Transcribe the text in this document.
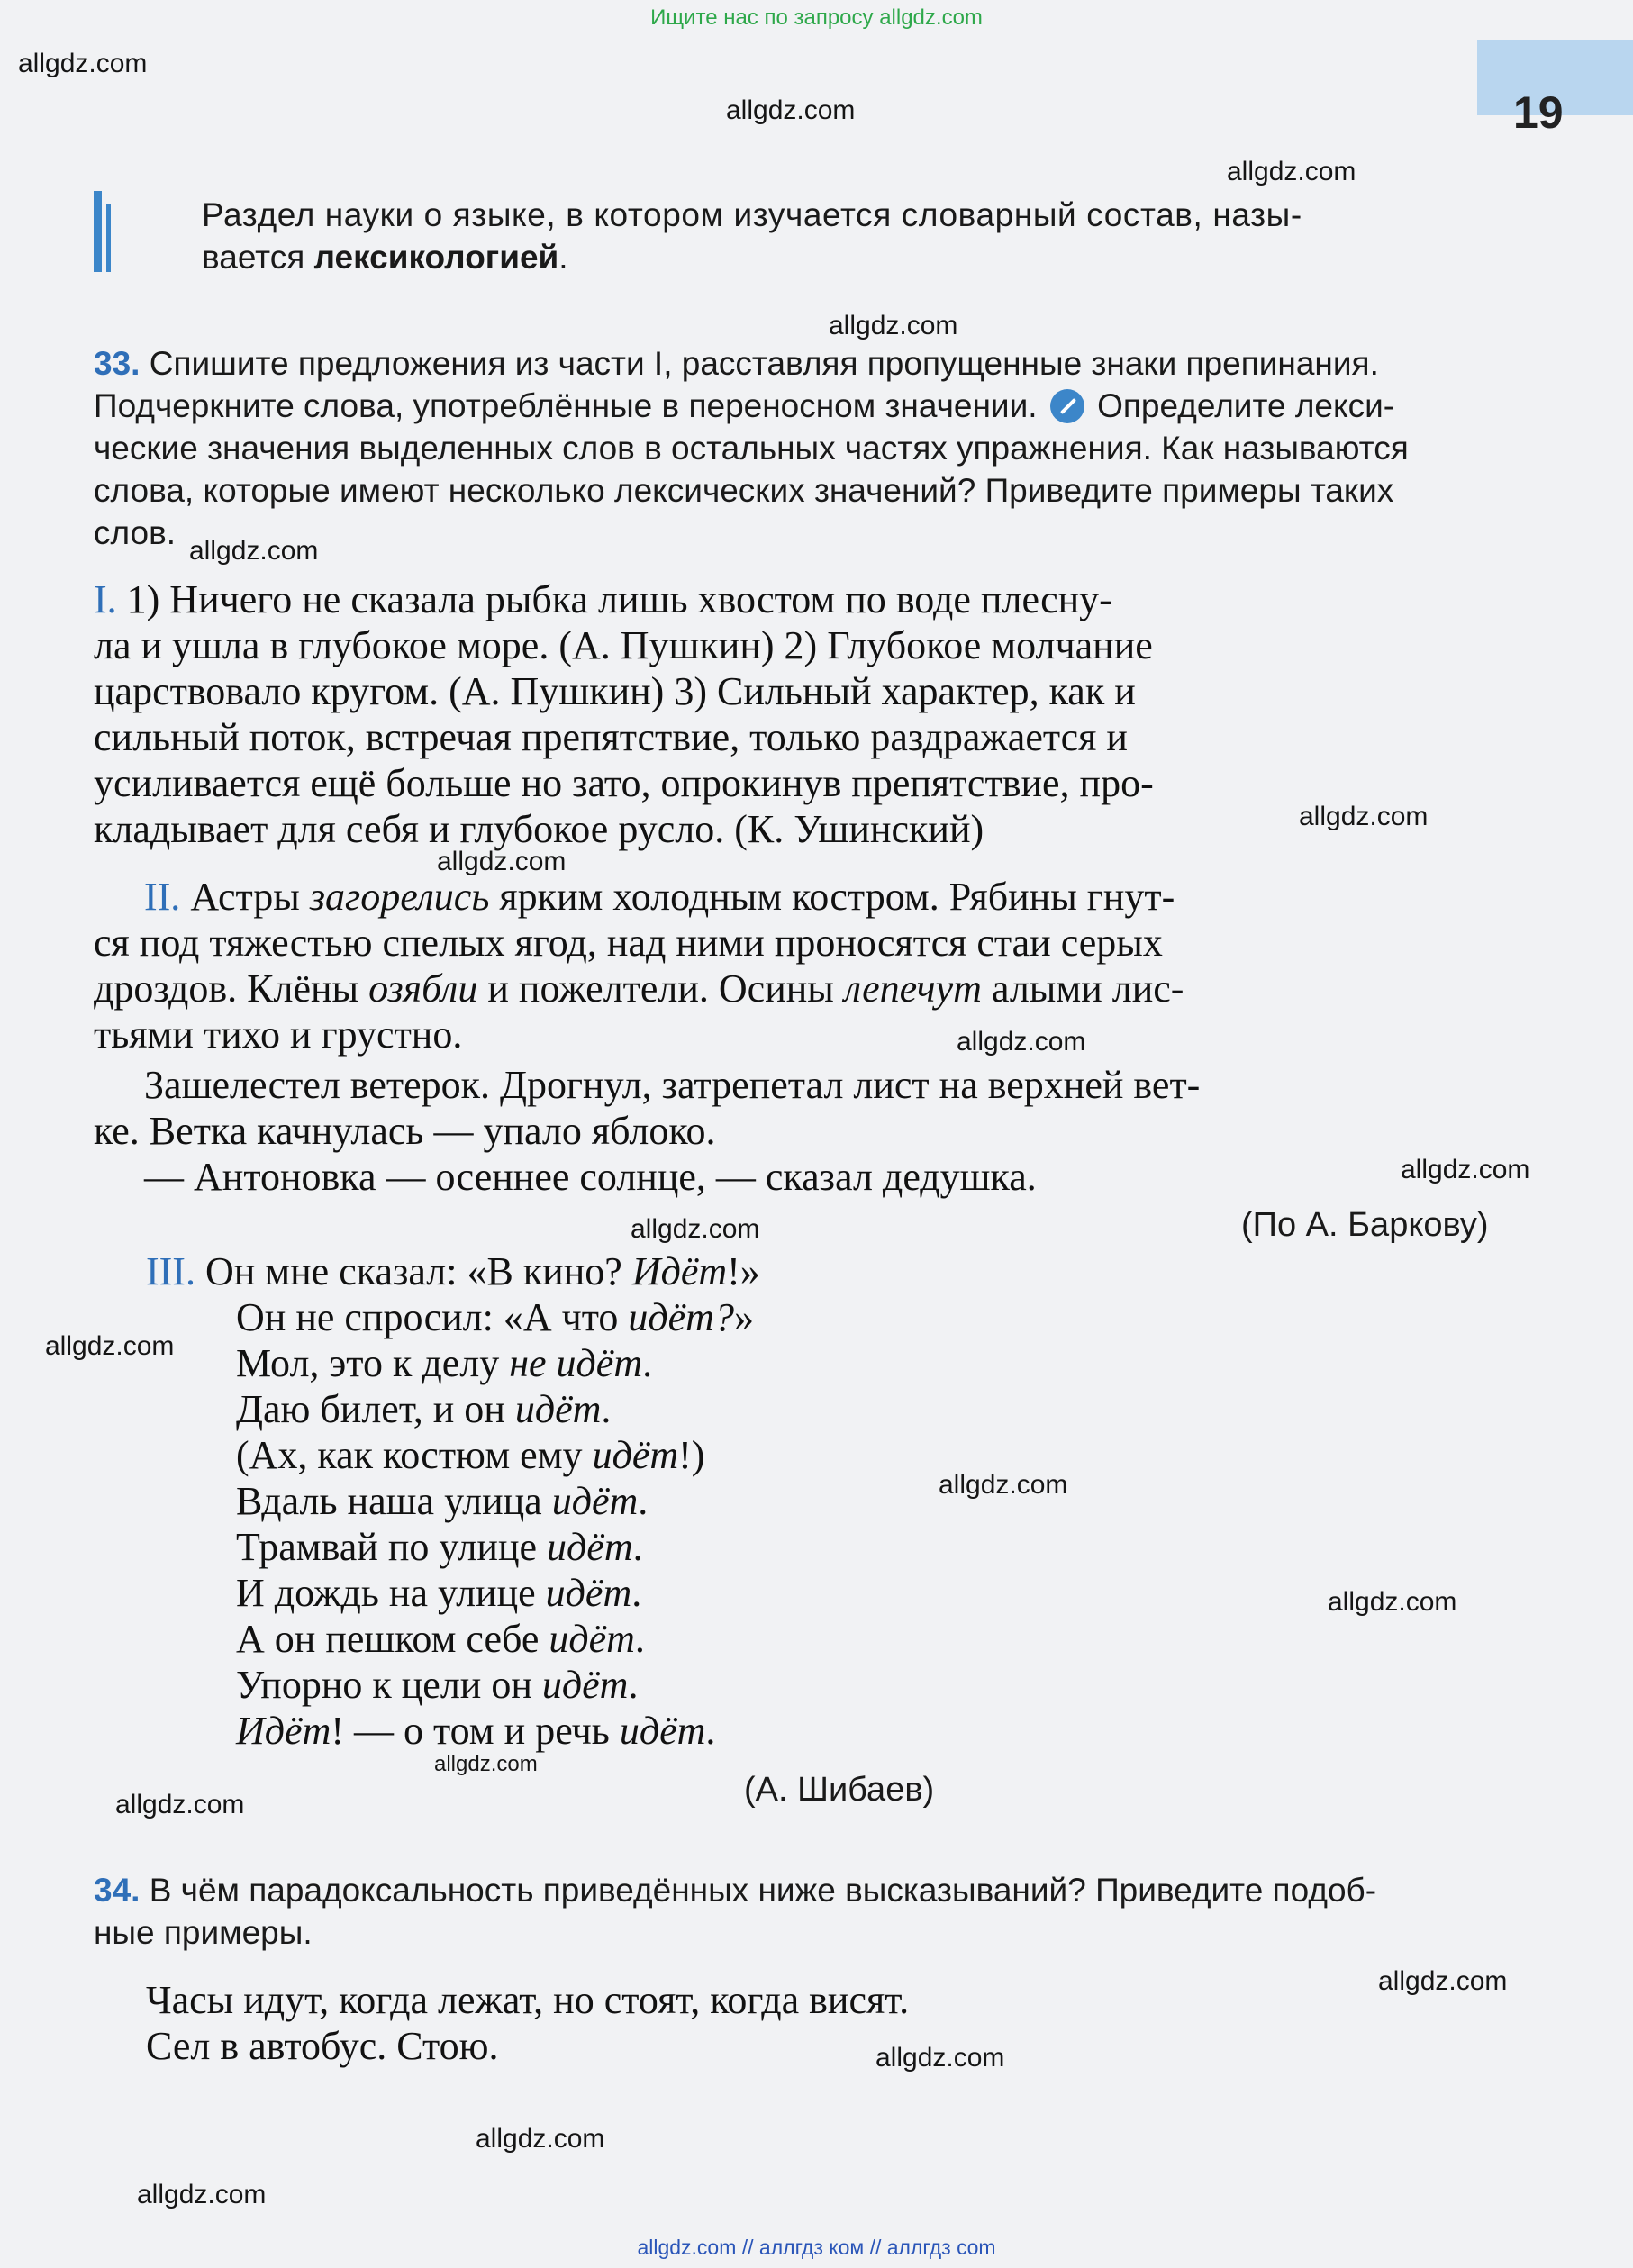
Ищите нас по запросу allgdz.com
19
Раздел науки о языке, в котором изучается словарный состав, назы-
вается лексикологией.
33. Спишите предложения из части I, расставляя пропущенные знаки препинания.
Подчеркните слова, употреблённые в переносном значении. Определите лекси-
ческие значения выделенных слов в остальных частях упражнения. Как называются
слова, которые имеют несколько лексических значений? Приведите примеры таких
слов.
I. 1) Ничего не сказала рыбка лишь хвостом по воде плесну-
ла и ушла в глубокое море. (А. Пушкин) 2) Глубокое молчание
царствовало кругом. (А. Пушкин) 3) Сильный характер, как и
сильный поток, встречая препятствие, только раздражается и
усиливается ещё больше но зато, опрокинув препятствие, про-
кладывает для себя и глубокое русло. (К. Ушинский)
II. Астры загорелись ярким холодным костром. Рябины гнут-
ся под тяжестью спелых ягод, над ними проносятся стаи серых
дроздов. Клёны озябли и пожелтели. Осины лепечут алыми лис-
тьями тихо и грустно.
Зашелестел ветерок. Дрогнул, затрепетал лист на верхней вет-
ке. Ветка качнулась — упало яблоко.
— Антоновка — осеннее солнце, — сказал дедушка.
(По А. Баркову)
III. Он мне сказал: «В кино? Идёт!»
Он не спросил: «А что идёт?»
Мол, это к делу не идёт.
Даю билет, и он идёт.
(Ах, как костюм ему идёт!)
Вдаль наша улица идёт.
Трамвай по улице идёт.
И дождь на улице идёт.
А он пешком себе идёт.
Упорно к цели он идёт.
Идёт! — о том и речь идёт.
(А. Шибаев)
34. В чём парадоксальность приведённых ниже высказываний? Приведите подоб-
ные примеры.
Часы идут, когда лежат, но стоят, когда висят.
Сел в автобус. Стою.
allgdz.com
allgdz.com
allgdz.com
allgdz.com
allgdz.com
allgdz.com
allgdz.com
allgdz.com
allgdz.com
allgdz.com
allgdz.com
allgdz.com
allgdz.com
allgdz.com
allgdz.com
allgdz.com
allgdz.com
allgdz.com
allgdz.com
allgdz.com // аллгдз ком // аллгдз com
